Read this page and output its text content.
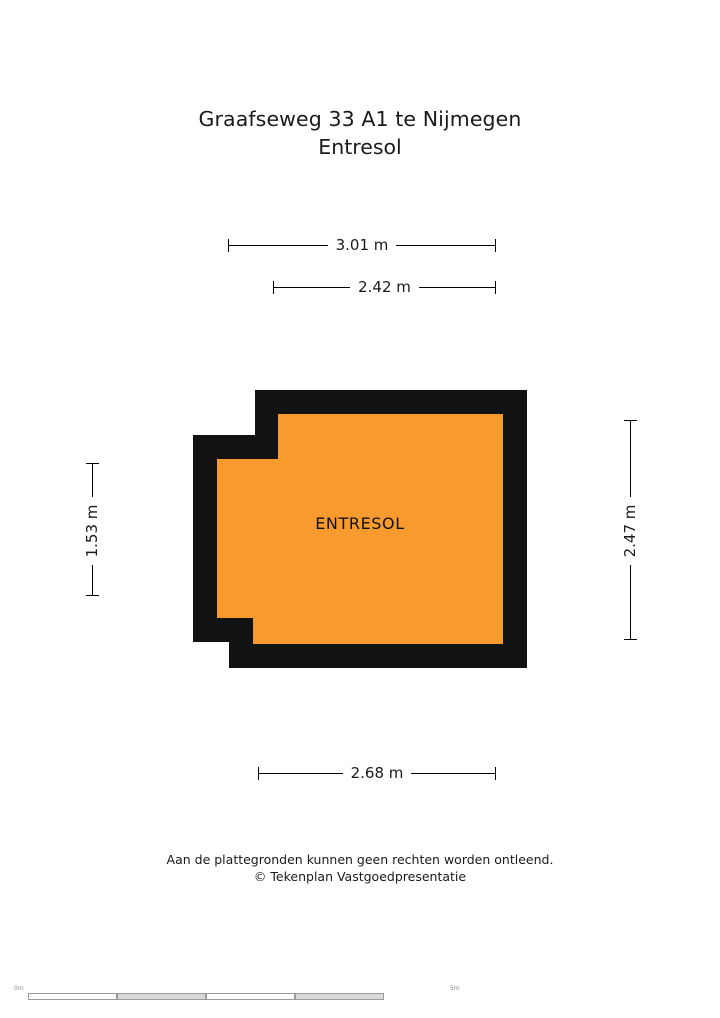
Graafseweg 33 A1 te Nijmegen
Entresol
3.01 m
2.42 m
1.53 m	2.47 m
2.68 m
ENTRESOL
Aan de plattegronden kunnen geen rechten worden ontleend.
© Tekenplan Vastgoedpresentatie
0m	5m
